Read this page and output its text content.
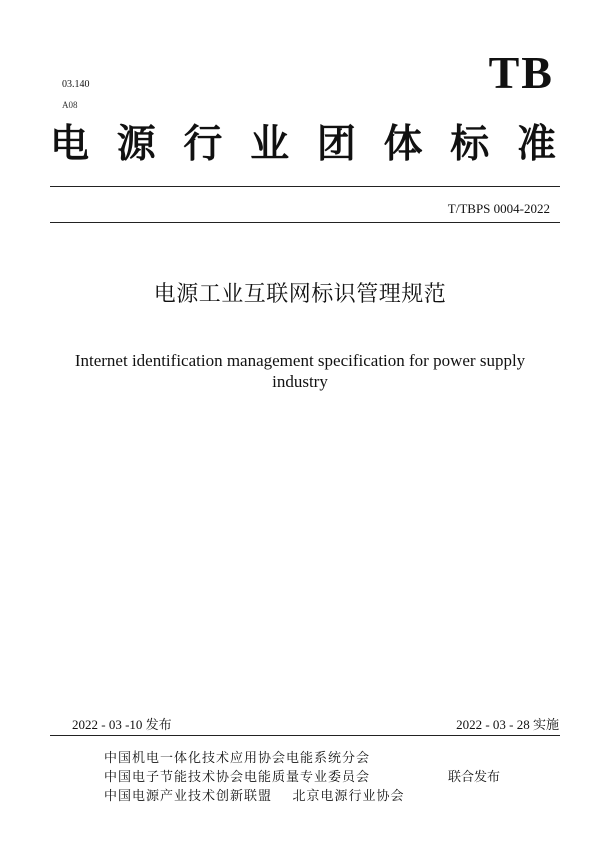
03.140
A08
TB
电源行业团体标准
T/TBPS 0004-2022
电源工业互联网标识管理规范
Internet identification management specification for power supply industry
2022 - 03 -10 发布	2022 - 03 - 28 实施
中国机电一体化技术应用协会电能系统分会
中国电子节能技术协会电能质量专业委员会
中国电源产业技术创新联盟    北京电源行业协会
联合发布
